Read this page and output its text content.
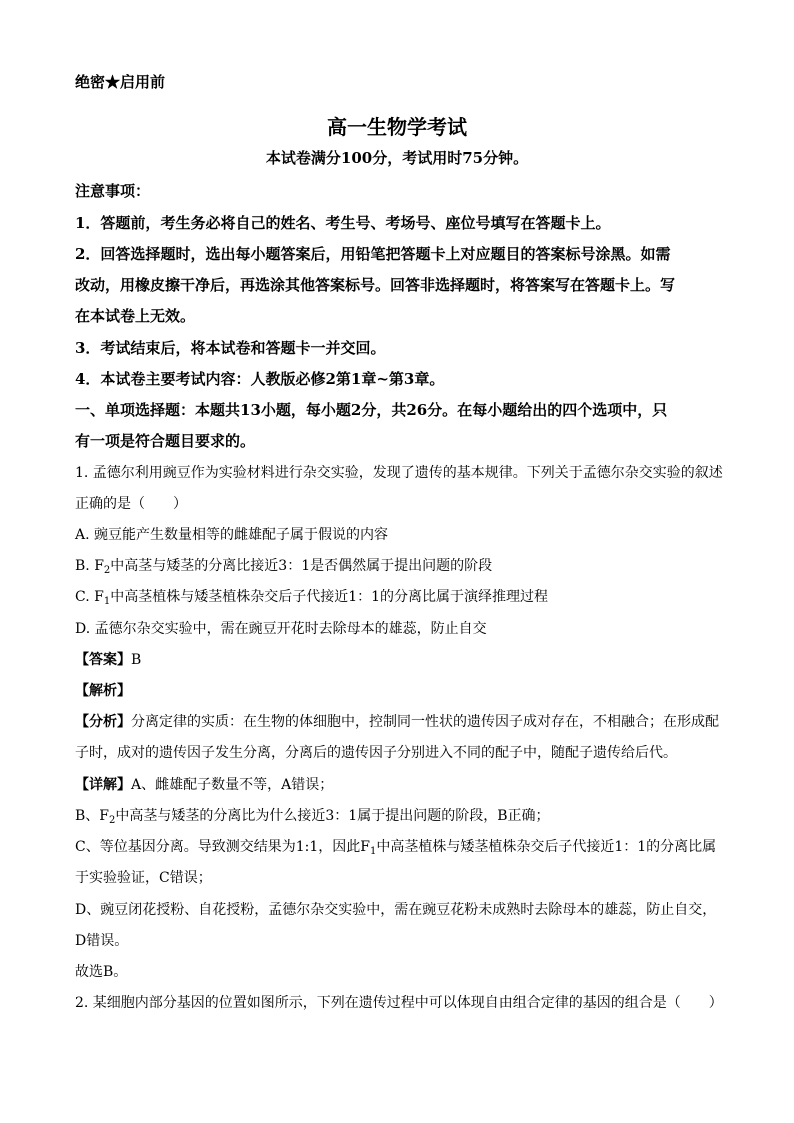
绝密★启用前
高一生物学考试
本试卷满分100分，考试用时75分钟。
注意事项：
1．答题前，考生务必将自己的姓名、考生号、考场号、座位号填写在答题卡上。
2．回答选择题时，选出每小题答案后，用铅笔把答题卡上对应题目的答案标号涂黑。如需
改动，用橡皮擦干净后，再选涂其他答案标号。回答非选择题时，将答案写在答题卡上。写
在本试卷上无效。
3．考试结束后，将本试卷和答题卡一并交回。
4．本试卷主要考试内容：人教版必修2第1章~第3章。
一、单项选择题：本题共13小题，每小题2分，共26分。在每小题给出的四个选项中，只
有一项是符合题目要求的。
1. 孟德尔利用豌豆作为实验材料进行杂交实验，发现了遗传的基本规律。下列关于孟德尔杂交实验的叙述
正确的是（　　）
A. 豌豆能产生数量相等的雌雄配子属于假说的内容
B. $F_2$中高茎与矮茎的分离比接近3：1是否偶然属于提出问题的阶段
C. $F_1$中高茎植株与矮茎植株杂交后子代接近1：1的分离比属于演绎推理过程
D. 孟德尔杂交实验中，需在豌豆开花时去除母本的雄蕊，防止自交
【答案】B
【解析】
【分析】分离定律的实质：在生物的体细胞中，控制同一性状的遗传因子成对存在，不相融合；在形成配
子时，成对的遗传因子发生分离，分离后的遗传因子分别进入不同的配子中，随配子遗传给后代。
【详解】A、雌雄配子数量不等，A错误；
B、$F_2$中高茎与矮茎的分离比为什么接近3：1属于提出问题的阶段，B正确；
C、等位基因分离。导致测交结果为1:1，因此$F_1$中高茎植株与矮茎植株杂交后子代接近1：1的分离比属
于实验验证，C错误；
D、豌豆闭花授粉、自花授粉，孟德尔杂交实验中，需在豌豆花粉未成熟时去除母本的雄蕊，防止自交，
D错误。
故选B。
2. 某细胞内部分基因的位置如图所示，下列在遗传过程中可以体现自由组合定律的基因的组合是（　　）
